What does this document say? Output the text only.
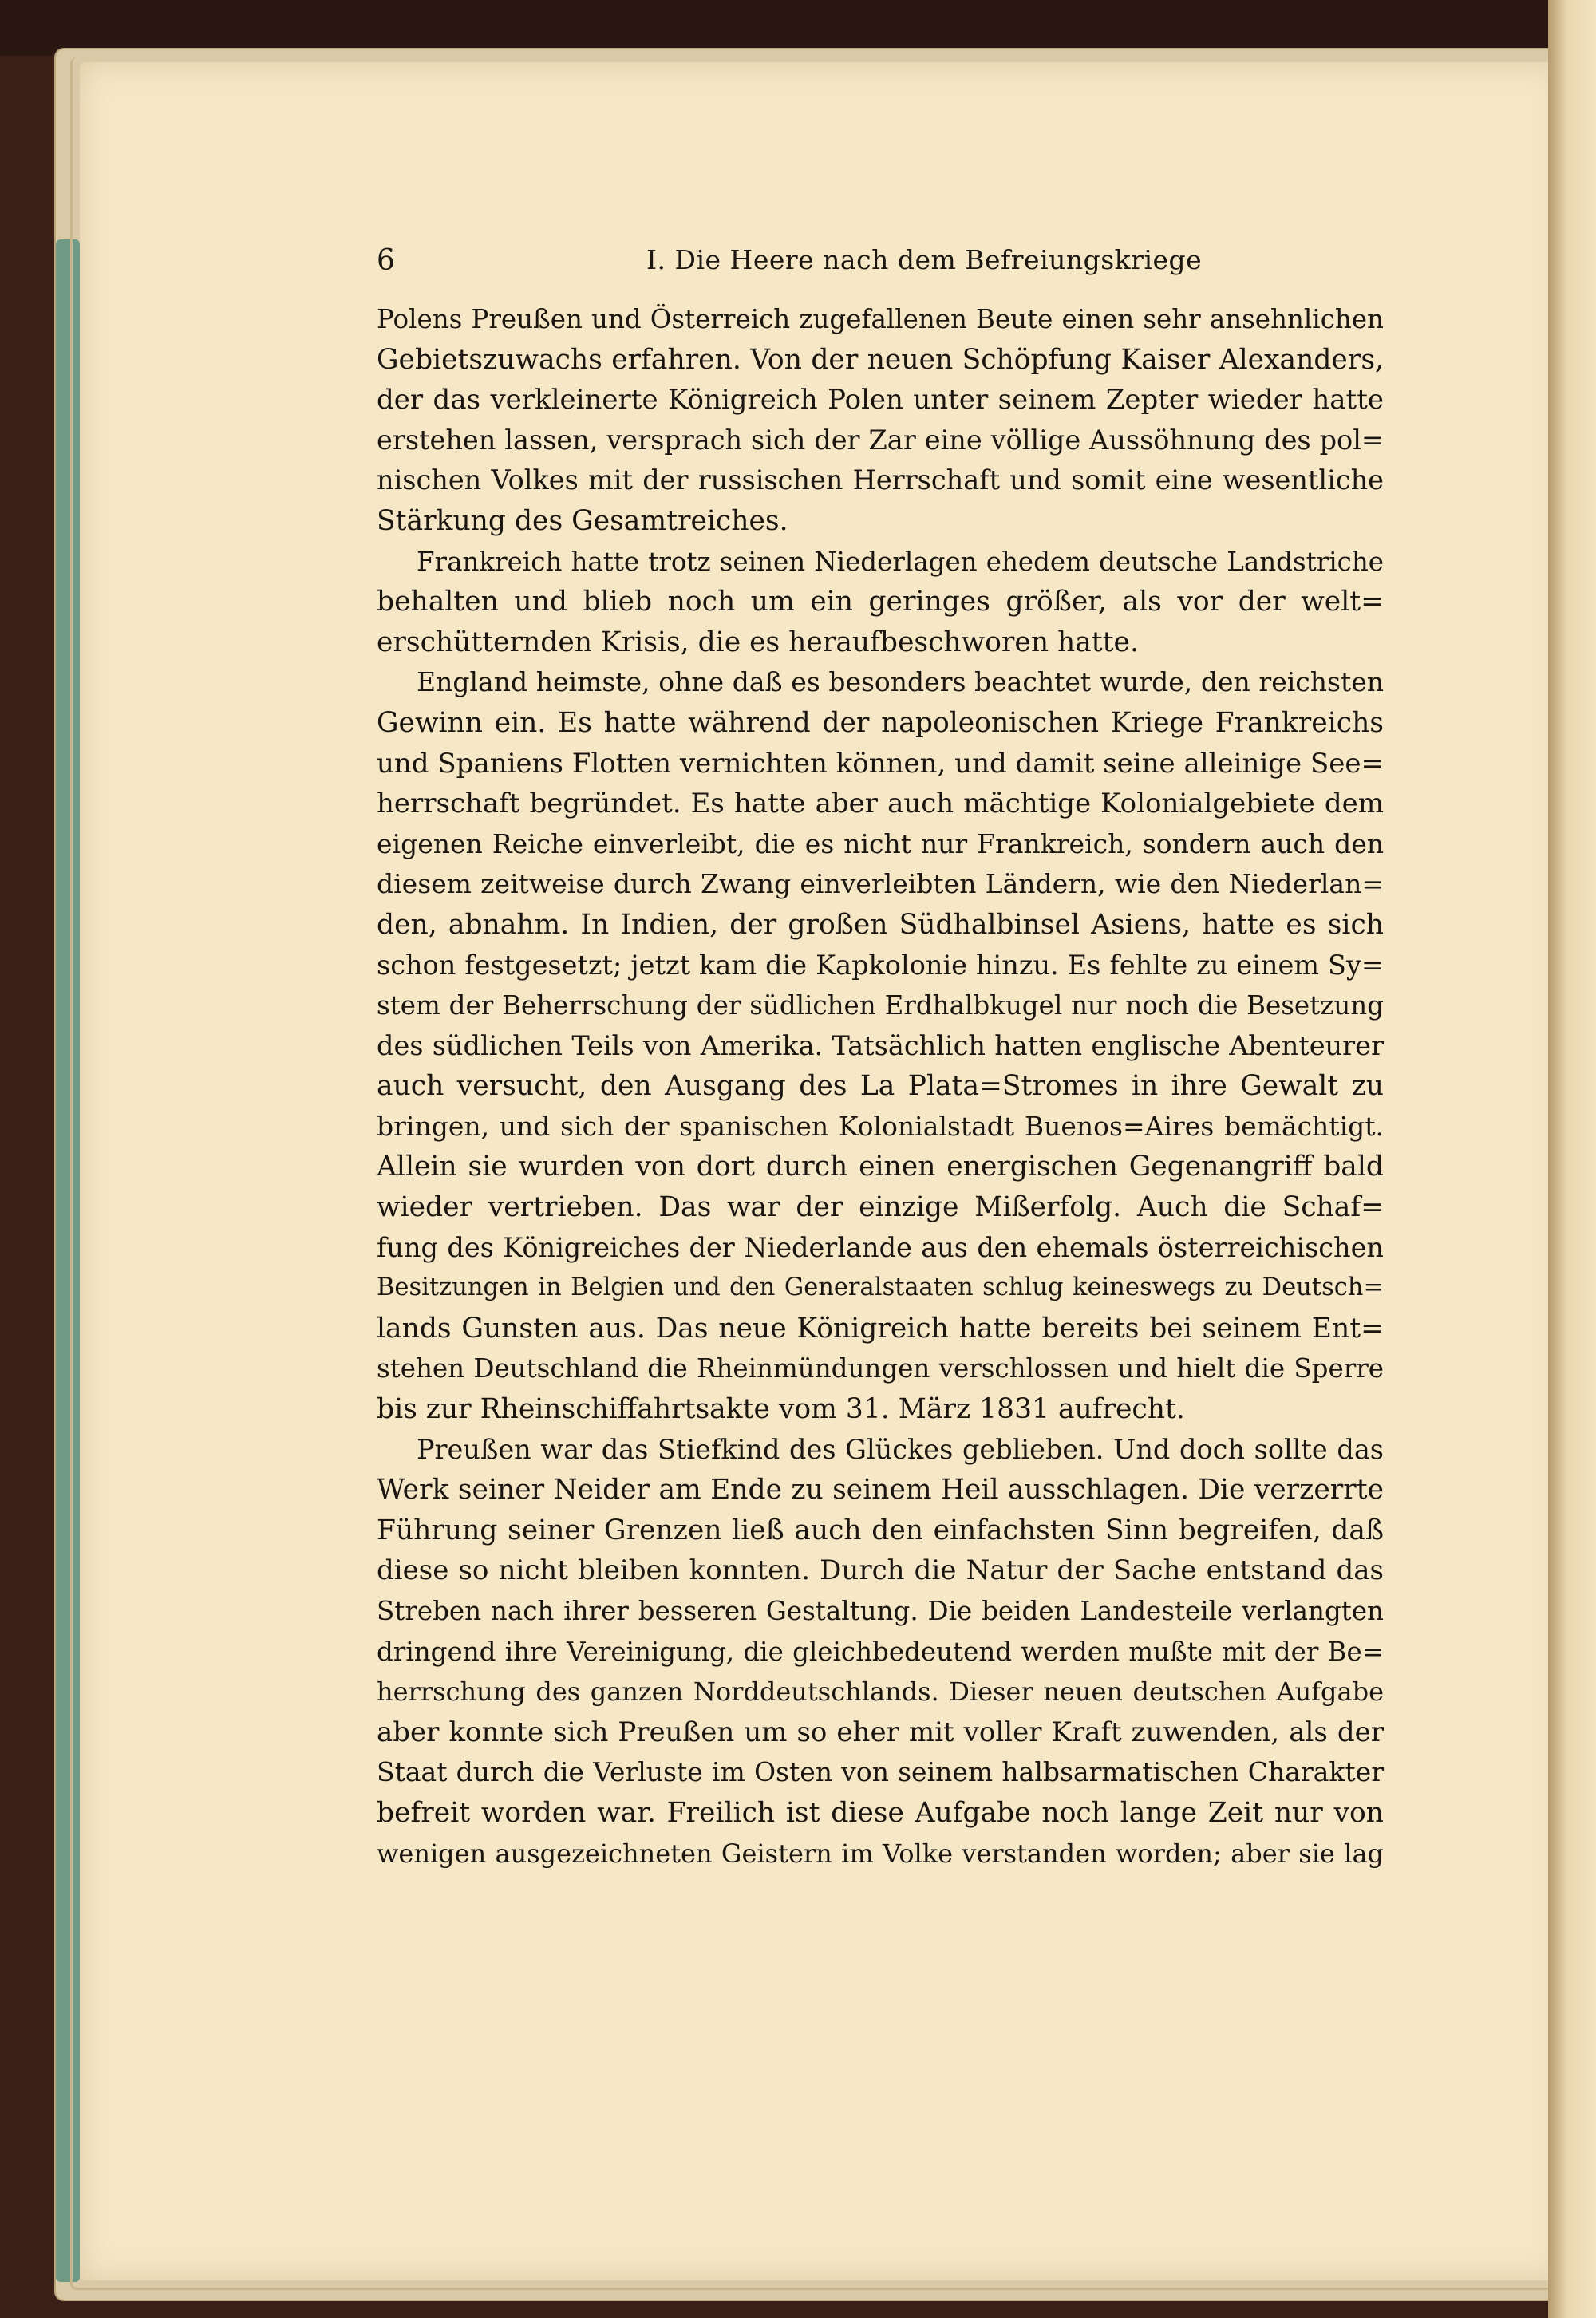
6	I. Die Heere nach dem Befreiungskriege
Polens Preußen und Österreich zugefallenen Beute einen sehr ansehnlichen
Gebietszuwachs erfahren. Von der neuen Schöpfung Kaiser Alexanders,
der das verkleinerte Königreich Polen unter seinem Zepter wieder hatte
erstehen lassen, versprach sich der Zar eine völlige Aussöhnung des pol=
nischen Volkes mit der russischen Herrschaft und somit eine wesentliche
Stärkung des Gesamtreiches.
Frankreich hatte trotz seinen Niederlagen ehedem deutsche Landstriche
behalten und blieb noch um ein geringes größer, als vor der welt=
erschütternden Krisis, die es heraufbeschworen hatte.
England heimste, ohne daß es besonders beachtet wurde, den reichsten
Gewinn ein. Es hatte während der napoleonischen Kriege Frankreichs
und Spaniens Flotten vernichten können, und damit seine alleinige See=
herrschaft begründet. Es hatte aber auch mächtige Kolonialgebiete dem
eigenen Reiche einverleibt, die es nicht nur Frankreich, sondern auch den
diesem zeitweise durch Zwang einverleibten Ländern, wie den Niederlan=
den, abnahm. In Indien, der großen Südhalbinsel Asiens, hatte es sich
schon festgesetzt; jetzt kam die Kapkolonie hinzu. Es fehlte zu einem Sy=
stem der Beherrschung der südlichen Erdhalbkugel nur noch die Besetzung
des südlichen Teils von Amerika. Tatsächlich hatten englische Abenteurer
auch versucht, den Ausgang des La Plata=Stromes in ihre Gewalt zu
bringen, und sich der spanischen Kolonialstadt Buenos=Aires bemächtigt.
Allein sie wurden von dort durch einen energischen Gegenangriff bald
wieder vertrieben. Das war der einzige Mißerfolg. Auch die Schaf=
fung des Königreiches der Niederlande aus den ehemals österreichischen
Besitzungen in Belgien und den Generalstaaten schlug keineswegs zu Deutsch=
lands Gunsten aus. Das neue Königreich hatte bereits bei seinem Ent=
stehen Deutschland die Rheinmündungen verschlossen und hielt die Sperre
bis zur Rheinschiffahrtsakte vom 31. März 1831 aufrecht.
Preußen war das Stiefkind des Glückes geblieben. Und doch sollte das
Werk seiner Neider am Ende zu seinem Heil ausschlagen. Die verzerrte
Führung seiner Grenzen ließ auch den einfachsten Sinn begreifen, daß
diese so nicht bleiben konnten. Durch die Natur der Sache entstand das
Streben nach ihrer besseren Gestaltung. Die beiden Landesteile verlangten
dringend ihre Vereinigung, die gleichbedeutend werden mußte mit der Be=
herrschung des ganzen Norddeutschlands. Dieser neuen deutschen Aufgabe
aber konnte sich Preußen um so eher mit voller Kraft zuwenden, als der
Staat durch die Verluste im Osten von seinem halbsarmatischen Charakter
befreit worden war. Freilich ist diese Aufgabe noch lange Zeit nur von
wenigen ausgezeichneten Geistern im Volke verstanden worden; aber sie lag
